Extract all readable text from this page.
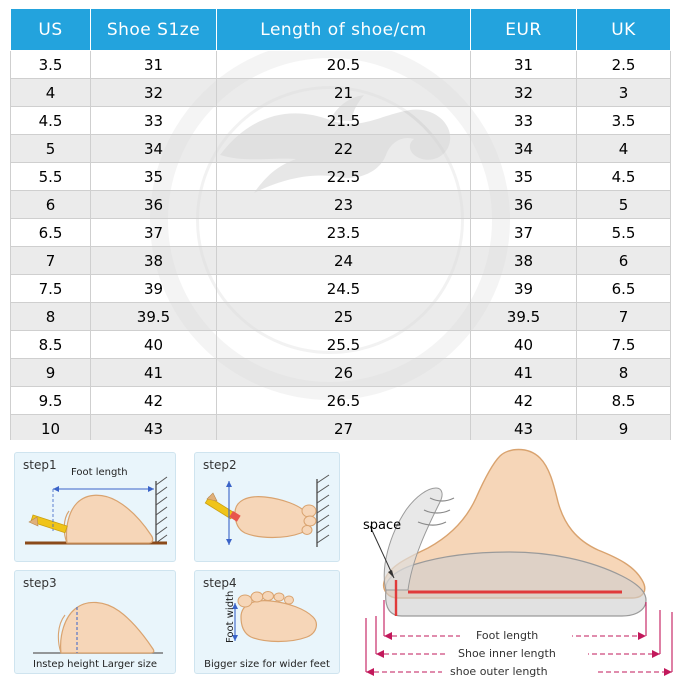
US	Shoe S1ze	Length of shoe/cm	EUR	UK
3.5	31	20.5	31	2.5
4	32	21	32	3
4.5	33	21.5	33	3.5
5	34	22	34	4
5.5	35	22.5	35	4.5
6	36	23	36	5
6.5	37	23.5	37	5.5
7	38	24	38	6
7.5	39	24.5	39	6.5
8	39.5	25	39.5	7
8.5	40	25.5	40	7.5
9	41	26	41	8
9.5	42	26.5	42	8.5
10	43	27	43	9
step1
Foot length
step2
step3
Instep height Larger size
step4
Foot width
Bigger size for wider feet
space
Foot length
Shoe inner length
shoe outer length
